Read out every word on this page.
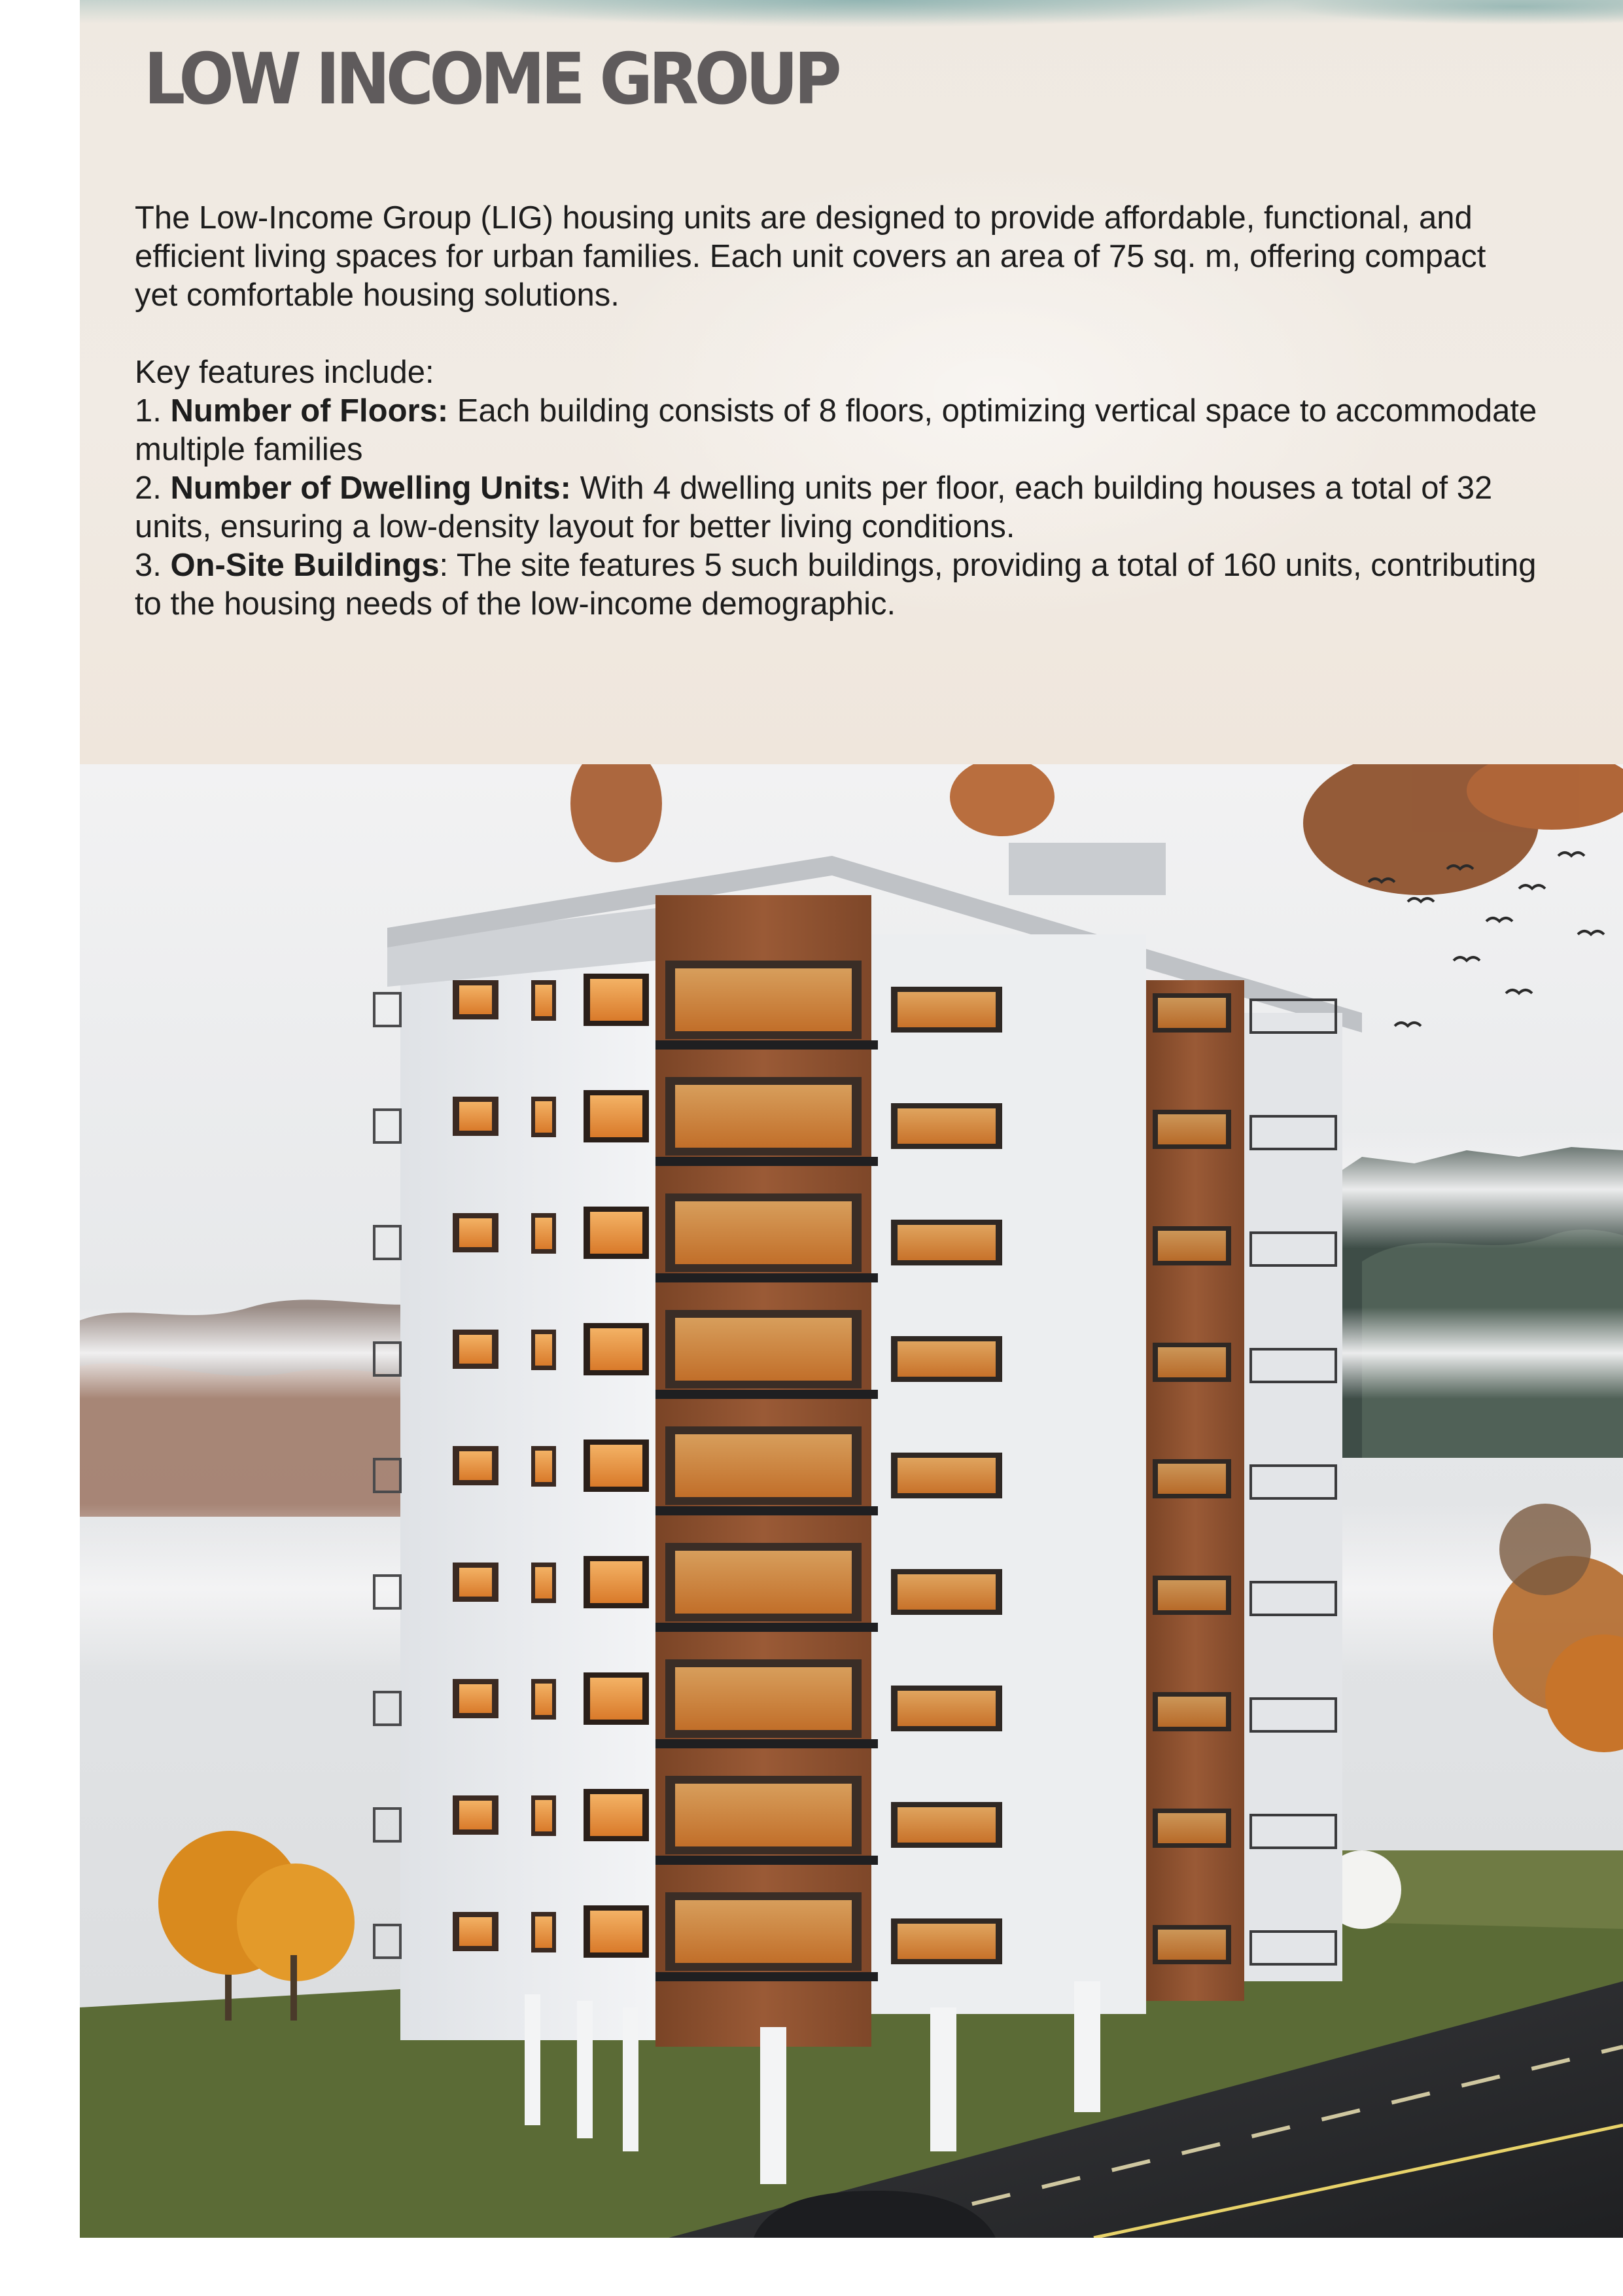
LOW INCOME GROUP

The Low-Income Group (LIG) housing units are designed to provide affordable, functional, and

efficient living spaces for urban families. Each unit covers an area of 75 sq. m, offering compact

yet comfortable housing solutions.

Key features include:

1. Number of Floors: Each building consists of 8 floors, optimizing vertical space to accommodate

multiple families

2. Number of Dwelling Units: With 4 dwelling units per floor, each building houses a total of 32

units, ensuring a low-density layout for better living conditions.

3. On-Site Buildings: The site features 5 such buildings, providing a total of 160 units, contributing

to the housing needs of the low-income demographic.
